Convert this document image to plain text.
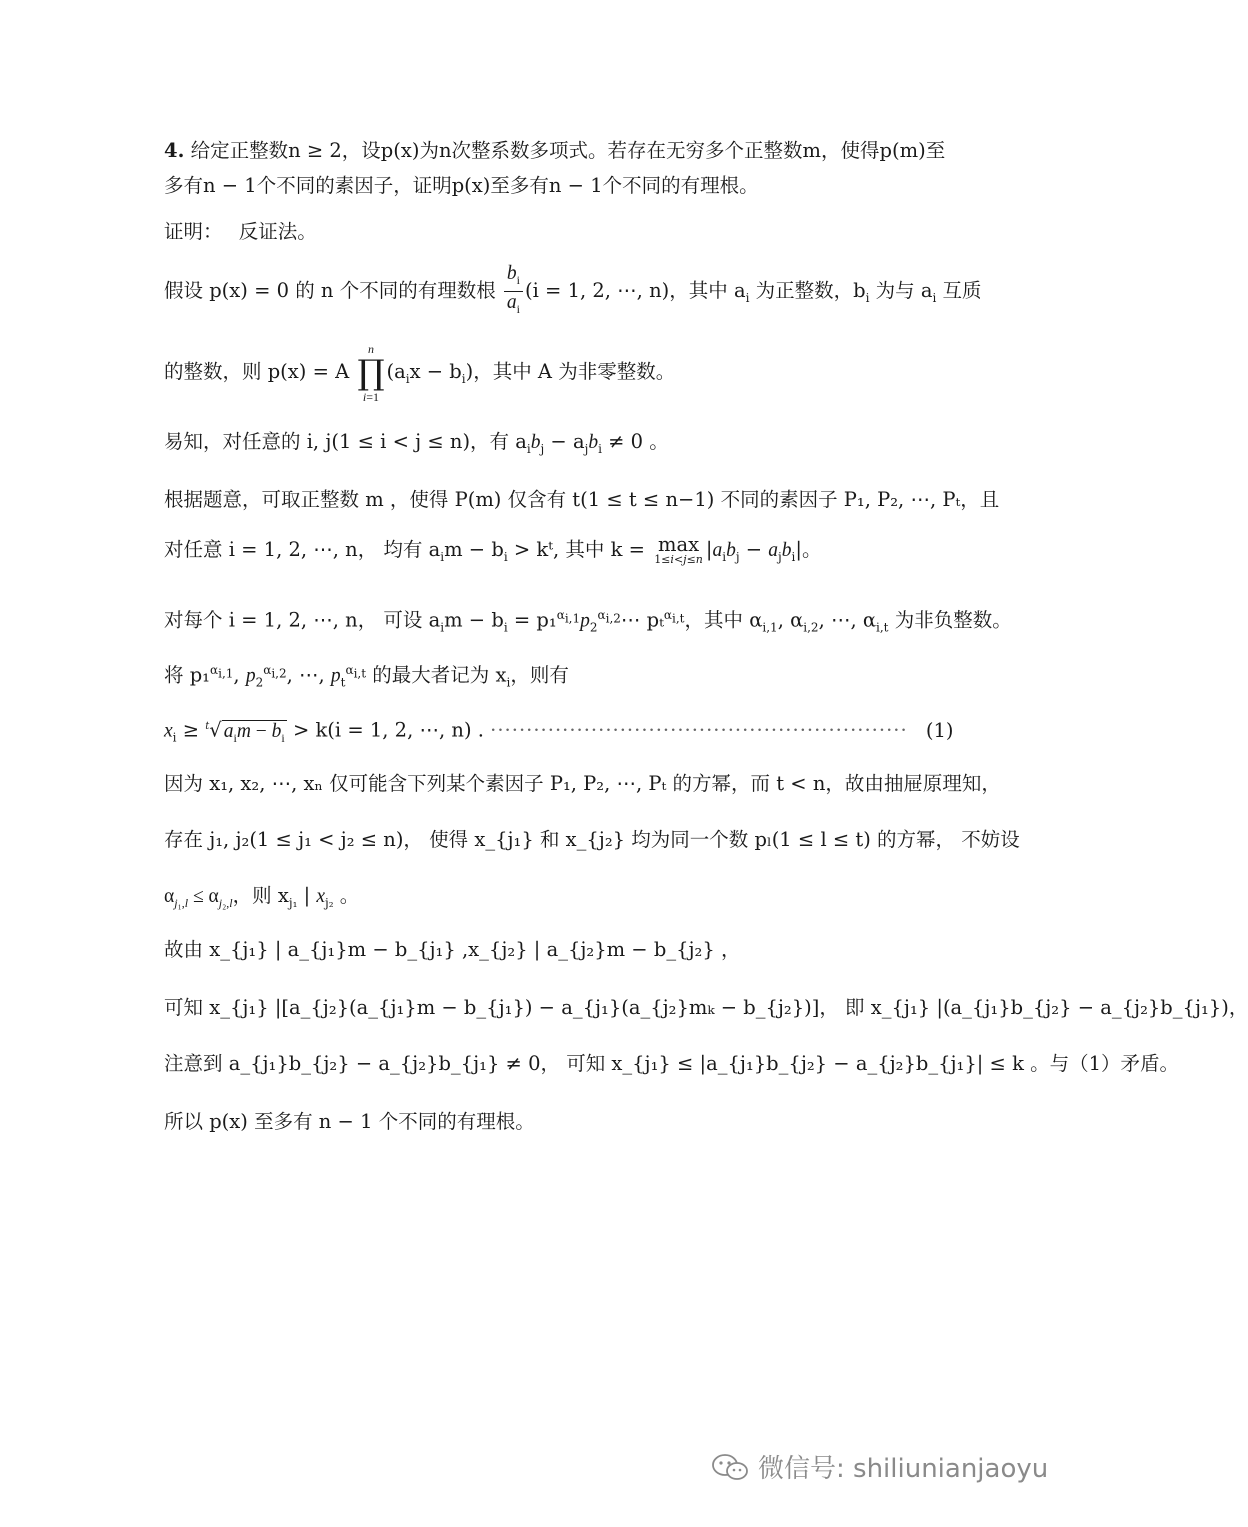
4. 给定正整数n ≥ 2，设p(x)为n次整系数多项式。若存在无穷多个正整数m，使得p(m)至
多有n − 1个不同的素因子，证明p(x)至多有n − 1个不同的有理根。
证明： 反证法。
假设 p(x) = 0 的 n 个不同的有理数根 $\frac{b_i}{a_i} (i = 1$, 2, ⋯, n)，其中 $a_i$ 为正整数，$b_i$ 为与 $a_i$ 互质
的整数，则 p(x) = A
n
∏
i=1
$(a_ix - b_i)$，其中 A 为非零整数。
易知，对任意的 i, j(1 ≤ i < j ≤ n)，有 $a_ib_j - a_jb_i \ne 0$ 。
根据题意，可取正整数 m ，使得 P(m) 仅含有 t(1 ≤ t ≤ n−1) 不同的素因子 P₁, P₂, ⋯, Pₜ，且
对任意 i = 1, 2, ⋯, n， 均有 $a_im - b_i$ > kᵗ, 其中 k = max
1≤i<j≤n $|a_ib_j - a_jb_i|$。
对每个 i = 1, 2, ⋯, n， 可设 $a_im - b_i$ = $p_1^{\alpha_{i,1}}p_2^{\alpha_{i,2}}\cdots$ pₜ$^{\alpha_{i,t}}$，其中 $\alpha_{i,1}$, $\alpha_{i,2}$, ⋯, $\alpha_{i,t}$ 为非负整数。
将 p₁$^{\alpha_{i,1}}$, $p_2^{\alpha_{i,2}}$, ⋯, $p_t^{\alpha_{i,t}}$ 的最大者记为 $x_i$，则有
$x_i \ge ^t√$ $a_im - b_i > k(i = 1$, 2, ⋯, n) . ·························································· (1)
因为 x₁, x₂, ⋯, xₙ 仅可能含下列某个素因子 P₁, P₂, ⋯, Pₜ 的方幂，而 t < n，故由抽屉原理知，
存在 j₁, j₂(1 ≤ j₁ < j₂ ≤ n)， 使得 x_{j₁} 和 x_{j₂} 均为同一个数 pₗ(1 ≤ l ≤ t) 的方幂， 不妨设
$\alpha_{j_1,l} \le \alpha_{j_2,l}$，则 $x_{j_1}$ | $x_{j_2}$ 。
故由 x_{j₁} | a_{j₁}m − b_{j₁} ,x_{j₂} | a_{j₂}m − b_{j₂} ，
可知 x_{j₁} |[a_{j₂}(a_{j₁}m − b_{j₁}) − a_{j₁}(a_{j₂}mₖ − b_{j₂})]， 即 x_{j₁} |(a_{j₁}b_{j₂} − a_{j₂}b_{j₁})，
注意到 a_{j₁}b_{j₂} − a_{j₂}b_{j₁} ≠ 0， 可知 x_{j₁} ≤ |a_{j₁}b_{j₂} − a_{j₂}b_{j₁}| ≤ k 。与（1）矛盾。
所以 p(x) 至多有 n − 1 个不同的有理根。
微信号: shiliunianjaoyu
